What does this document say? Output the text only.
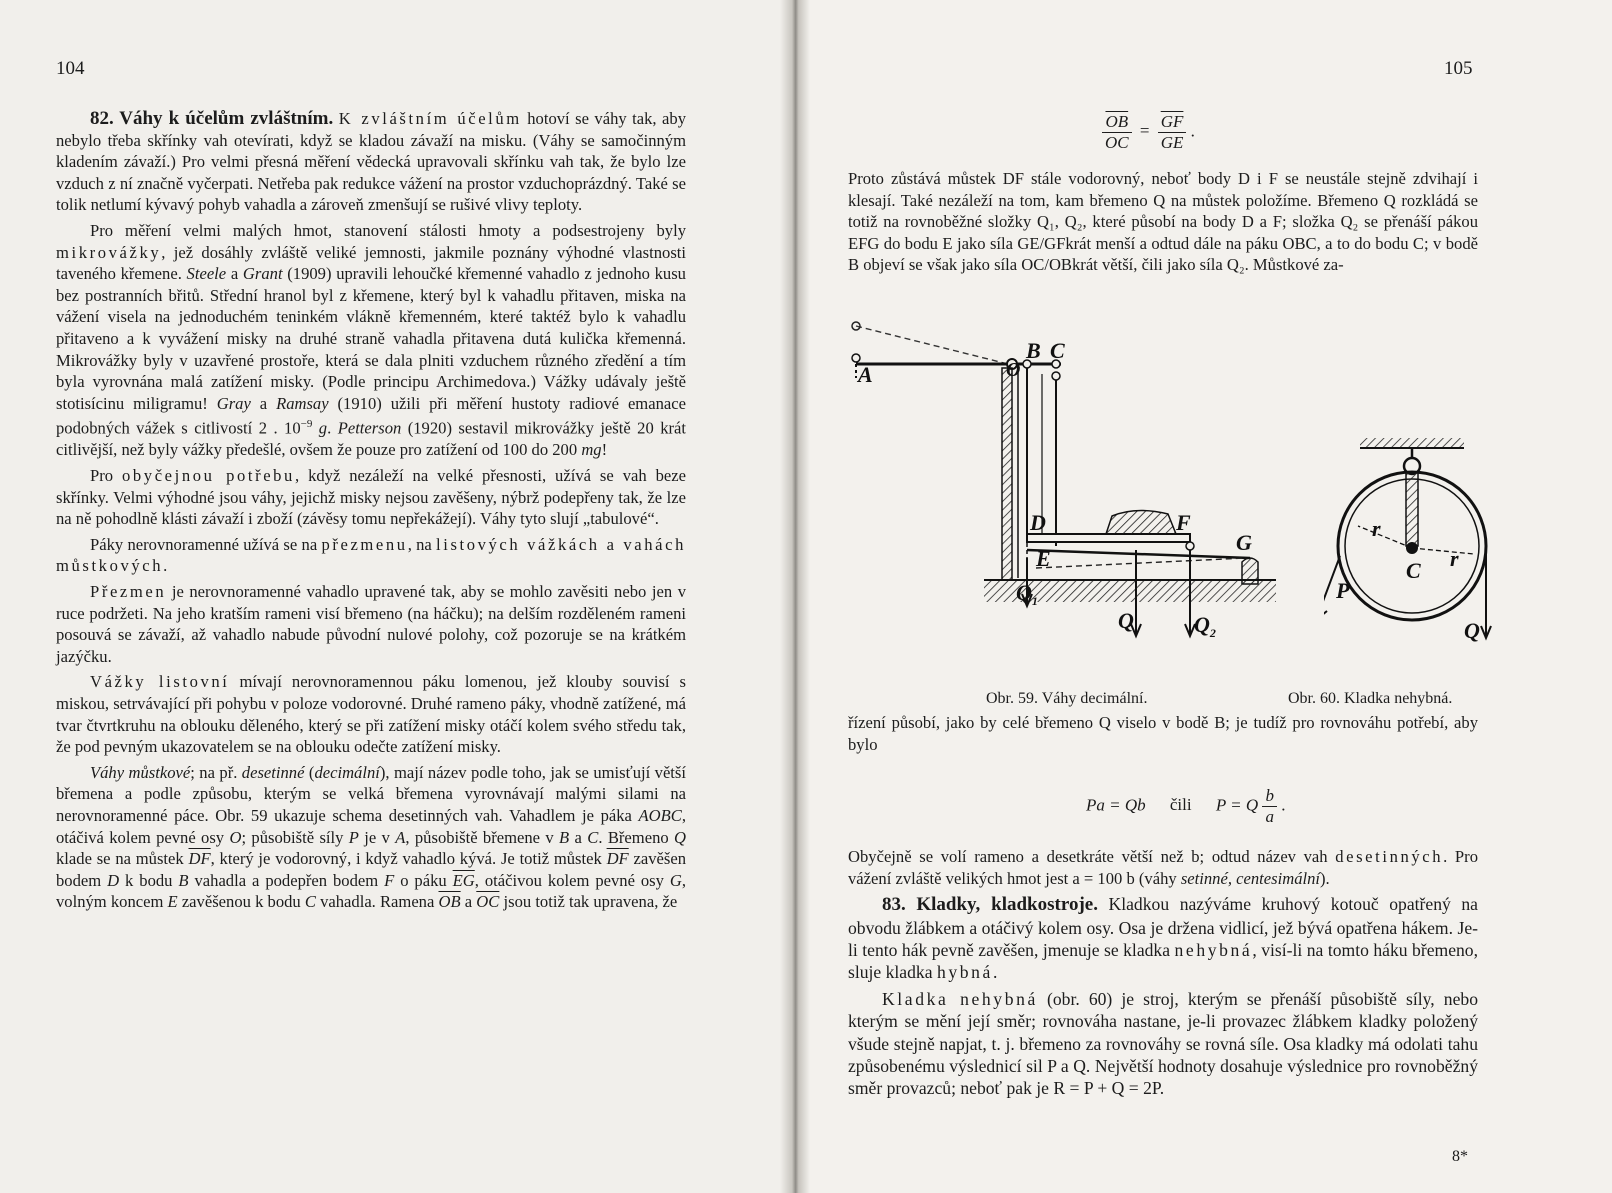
104

82. Váhy k účelům zvláštním. K zvláštním účelům hotoví se váhy tak, aby nebylo třeba skřínky vah otevírati, když se kladou závaží na misku. (Váhy se samočinným kladením závaží.) Pro velmi přesná měření vědecká upravovali skřínku vah tak, že bylo lze vzduch z ní značně vyčerpati. Netřeba pak redukce vážení na prostor vzduchoprázdný. Také se tolik netlumí kývavý pohyb vahadla a zároveň zmenšují se rušivé vlivy teploty.

Pro měření velmi malých hmot, stanovení stálosti hmoty a podsestrojeny byly mikrovážky, jež dosáhly zvláště veliké jemnosti, jakmile poznány výhodné vlastnosti taveného křemene. Steele a Grant (1909) upravili lehoučké křemenné vahadlo z jednoho kusu bez postranních břitů. Střední hranol byl z křemene, který byl k vahadlu přitaven, miska na vážení visela na jednoduchém teninkém vlákně křemenném, které taktéž bylo k vahadlu přitaveno a k vyvážení misky na druhé straně vahadla přitavena dutá kulička křemenná. Mikrovážky byly v uzavřené prostoře, která se dala plniti vzduchem různého zředění a tím byla vyrovnána malá zatížení misky. (Podle principu Archimedova.) Vážky udávaly ještě stotisícinu miligramu! Gray a Ramsay (1910) užili při měření hustoty radiové emanace podobných vážek s citlivostí 2 . $10^{-9}$ g. Petterson (1920) sestavil mikrovážky ještě 20 krát citlivější, než byly vážky předešlé, ovšem že pouze pro zatížení od 100 do 200 mg!

Pro obyčejnou potřebu, když nezáleží na velké přesnosti, užívá se vah beze skřínky. Velmi výhodné jsou váhy, jejichž misky nejsou zavěšeny, nýbrž podepřeny tak, že lze na ně pohodlně klásti závaží i zboží (závěsy tomu nepřekážejí). Váhy tyto slují „tabulové“.

Páky nerovnoramenné užívá se na přezmenu, na listových vážkách a vahách můstkových.

Přezmen je nerovnoramenné vahadlo upravené tak, aby se mohlo zavěsiti nebo jen v ruce podržeti. Na jeho kratším rameni visí břemeno (na háčku); na delším rozděleném rameni posouvá se závaží, až vahadlo nabude původní nulové polohy, což pozoruje se na krátkém jazýčku.

Vážky listovní mívají nerovnoramennou páku lomenou, jež klouby souvisí s miskou, setrvávající při pohybu v poloze vodorovné. Druhé rameno páky, vhodně zatížené, má tvar čtvrtkruhu na oblouku děleného, který se při zatížení misky otáčí kolem svého středu tak, že pod pevným ukazovatelem se na oblouku odečte zatížení misky.

Váhy můstkové; na př. desetinné (decimální), mají název podle toho, jak se umisťují větší břemena a podle způsobu, kterým se velká břemena vyrovnávají malými silami na nerovnoramenné páce. Obr. 59 ukazuje schema desetinných vah. Vahadlem je páka AOBC, otáčivá kolem pevné osy O; působiště síly P je v A, působiště břemene v B a C. Břemeno Q klade se na můstek $\overline{DF}$, který je vodorovný, i když vahadlo kývá. Je totiž můstek $\overline{DF}$ zavěšen bodem D k bodu B vahadla a podepřen bodem F o páku $\overline{EG}$, otáčivou kolem pevné osy G, volným koncem E zavěšenou k bodu C vahadla. Ramena $\overline{OB}$ a $\overline{OC}$ jsou totiž tak upravena, že

105
$\frac{\overline{OB}}{OC} = \frac{\overline{GF}}{GE}$ .

Proto zůstává můstek DF stále vodorovný, neboť body D i F se neustále stejně zdvihají i klesají. Také nezáleží na tom, kam břemeno Q na můstek položíme. Břemeno Q rozkládá se totiž na rovnoběžné složky Q₁, Q₂, které působí na body D a F; složka Q₂ se přenáší pákou EFG do bodu E jako síla GE/GFkrát menší a odtud dále na páku OBC, a to do bodu C; v bodě B objeví se však jako síla OC/OBkrát větší, čili jako síla Q₂. Můstkové za-

A	O
B C
D
E
F
G
Q
$Q_1$
$Q_2$
r
r
C
P
Q
Obr. 59. Váhy decimální.	Obr. 60. Kladka nehybná.

řízení působí, jako by celé břemeno Q viselo v bodě B; je tudíž pro rovnováhu potřebí, aby bylo

Pa = Qb čili P = Q $\frac{b}{a}$ .

Obyčejně se volí rameno a desetkráte větší než b; odtud název vah desetinných. Pro vážení zvláště velikých hmot jest a = 100 b (váhy setinné, centesimální).

83. Kladky, kladkostroje. Kladkou nazýváme kruhový kotouč opatřený na obvodu žlábkem a otáčivý kolem osy. Osa je držena vidlicí, jež bývá opatřena hákem. Je-li tento hák pevně zavěšen, jmenuje se kladka nehybná, visí-li na tomto háku břemeno, sluje kladka hybná.

Kladka nehybná (obr. 60) je stroj, kterým se přenáší působiště síly, nebo kterým se mění její směr; rovnováha nastane, je-li provazec žlábkem kladky položený všude stejně napjat, t. j. břemeno za rovnováhy se rovná síle. Osa kladky má odolati tahu způsobenému výslednicí sil P a Q. Největší hodnoty dosahuje výslednice pro rovnoběžný směr provazců; neboť pak je R = P + Q = 2P.

8*
